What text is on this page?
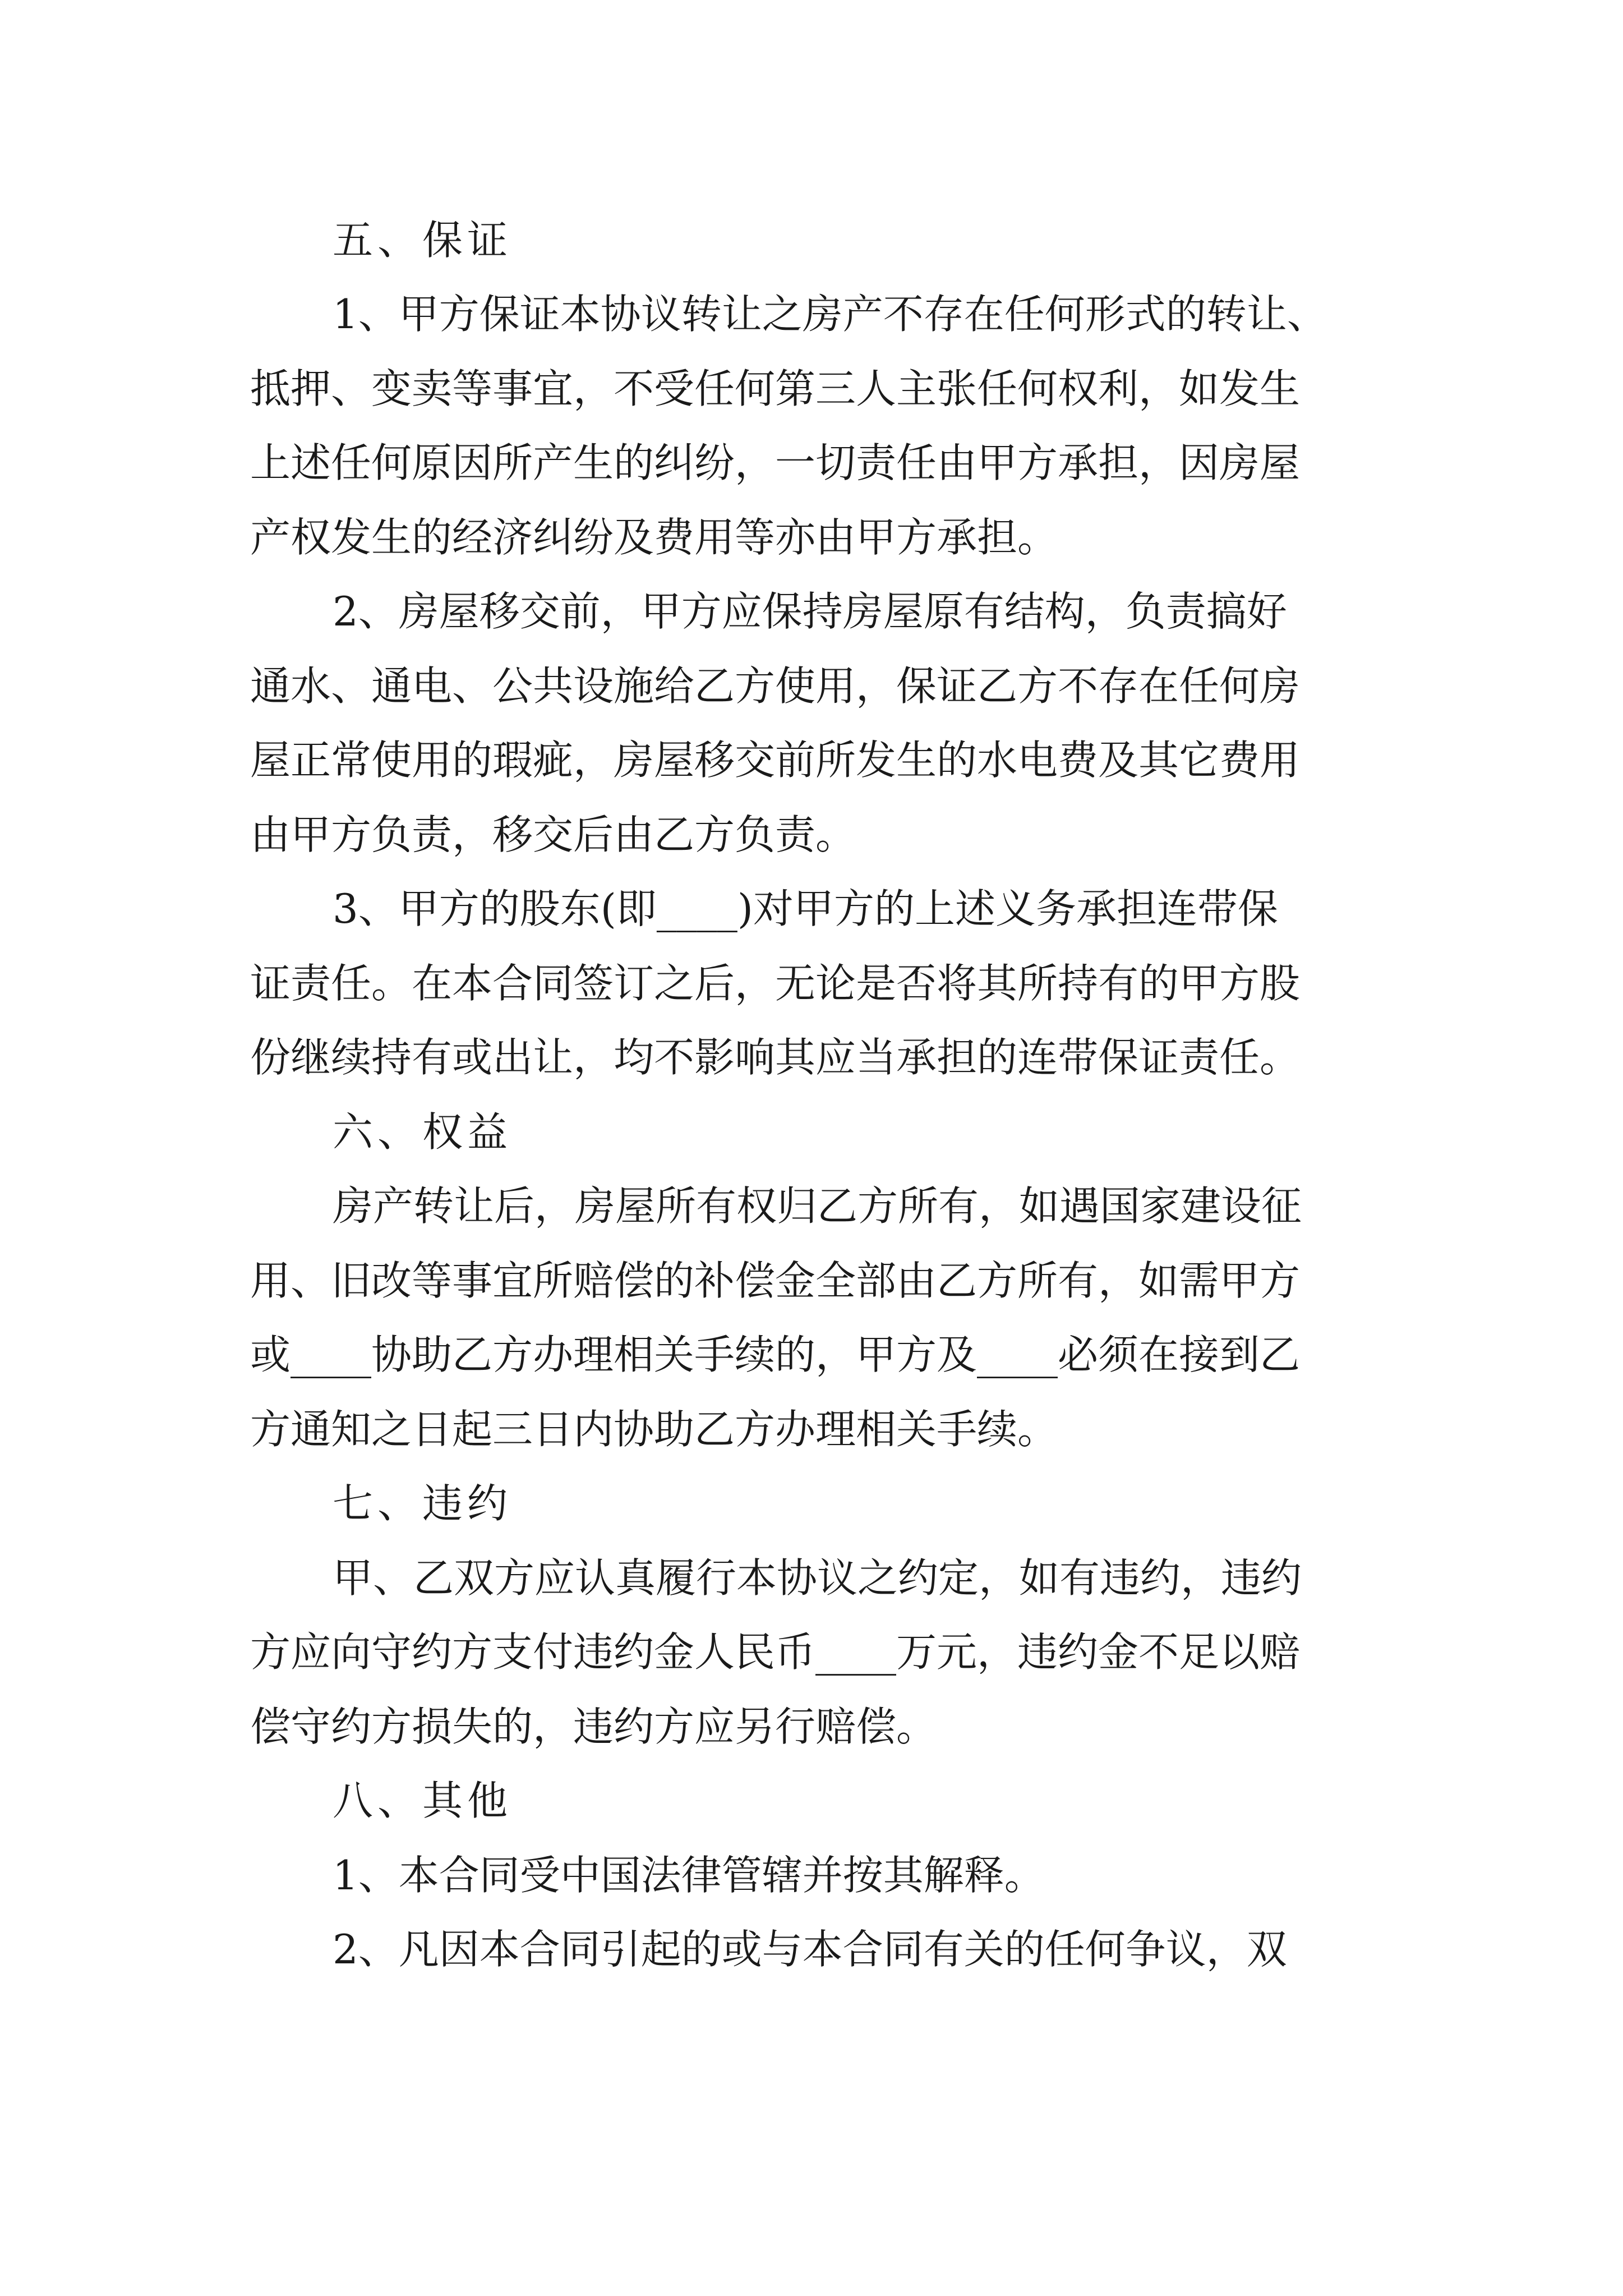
五、保证
1、甲方保证本协议转让之房产不存在任何形式的转让、
抵押、变卖等事宜，不受任何第三人主张任何权利，如发生
上述任何原因所产生的纠纷，一切责任由甲方承担，因房屋
产权发生的经济纠纷及费用等亦由甲方承担。
2、房屋移交前，甲方应保持房屋原有结构，负责搞好
通水、通电、公共设施给乙方使用，保证乙方不存在任何房
屋正常使用的瑕疵，房屋移交前所发生的水电费及其它费用
由甲方负责，移交后由乙方负责。
3、甲方的股东(即____)对甲方的上述义务承担连带保
证责任。在本合同签订之后，无论是否将其所持有的甲方股
份继续持有或出让，均不影响其应当承担的连带保证责任。
六、权益
房产转让后，房屋所有权归乙方所有，如遇国家建设征
用、旧改等事宜所赔偿的补偿金全部由乙方所有，如需甲方
或____协助乙方办理相关手续的，甲方及____必须在接到乙
方通知之日起三日内协助乙方办理相关手续。
七、违约
甲、乙双方应认真履行本协议之约定，如有违约，违约
方应向守约方支付违约金人民币____万元，违约金不足以赔
偿守约方损失的，违约方应另行赔偿。
八、其他
1、本合同受中国法律管辖并按其解释。
2、凡因本合同引起的或与本合同有关的任何争议，双
